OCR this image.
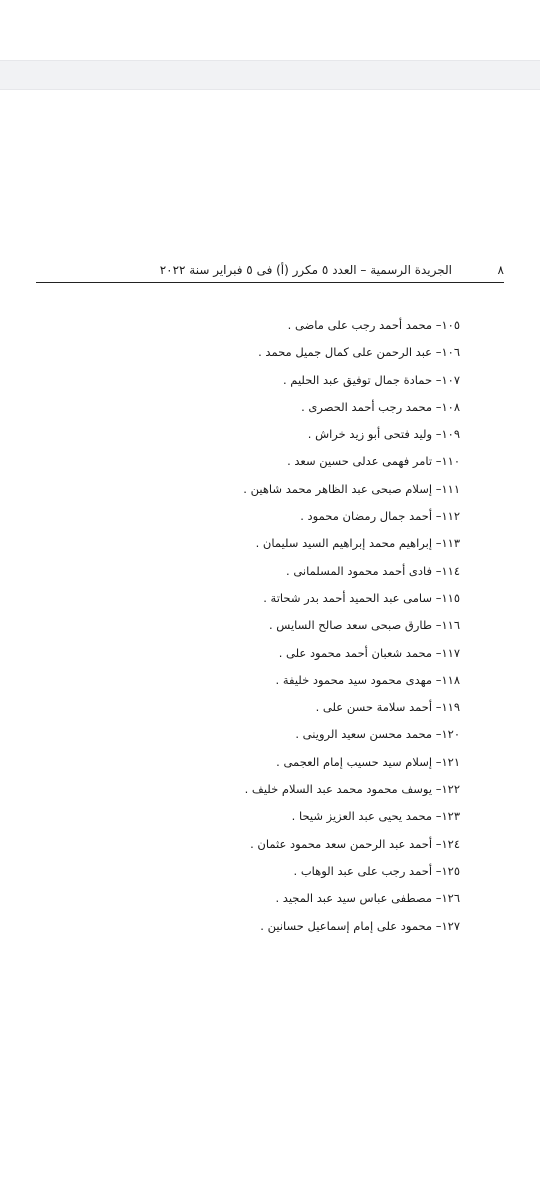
٨
الجريدة الرسمية – العدد ٥ مكرر (أ) فى ٥ فبراير سنة ٢٠٢٢
١٠٥– محمد أحمد رجب على ماضى .
١٠٦– عبد الرحمن على كمال جميل محمد .
١٠٧– حمادة جمال توفيق عبد الحليم .
١٠٨– محمد رجب أحمد الحصرى .
١٠٩– وليد فتحى أبو زيد خراش .
١١٠– تامر فهمى عدلى حسين سعد .
١١١– إسلام صبحى عبد الظاهر محمد شاهين .
١١٢– أحمد جمال رمضان محمود .
١١٣– إبراهيم محمد إبراهيم السيد سليمان .
١١٤– فادى أحمد محمود المسلمانى .
١١٥– سامى عبد الحميد أحمد بدر شحاتة .
١١٦– طارق صبحى سعد صالح السايس .
١١٧– محمد شعبان أحمد محمود على .
١١٨– مهدى محمود سيد محمود خليفة .
١١٩– أحمد سلامة حسن على .
١٢٠– محمد محسن سعيد الروينى .
١٢١– إسلام سيد حسيب إمام العجمى .
١٢٢– يوسف محمود محمد عبد السلام خليف .
١٢٣– محمد يحيى عبد العزيز شيحا .
١٢٤– أحمد عبد الرحمن سعد محمود عثمان .
١٢٥– أحمد رجب على عبد الوهاب .
١٢٦– مصطفى عباس سيد عبد المجيد .
١٢٧– محمود على إمام إسماعيل حسانين .
